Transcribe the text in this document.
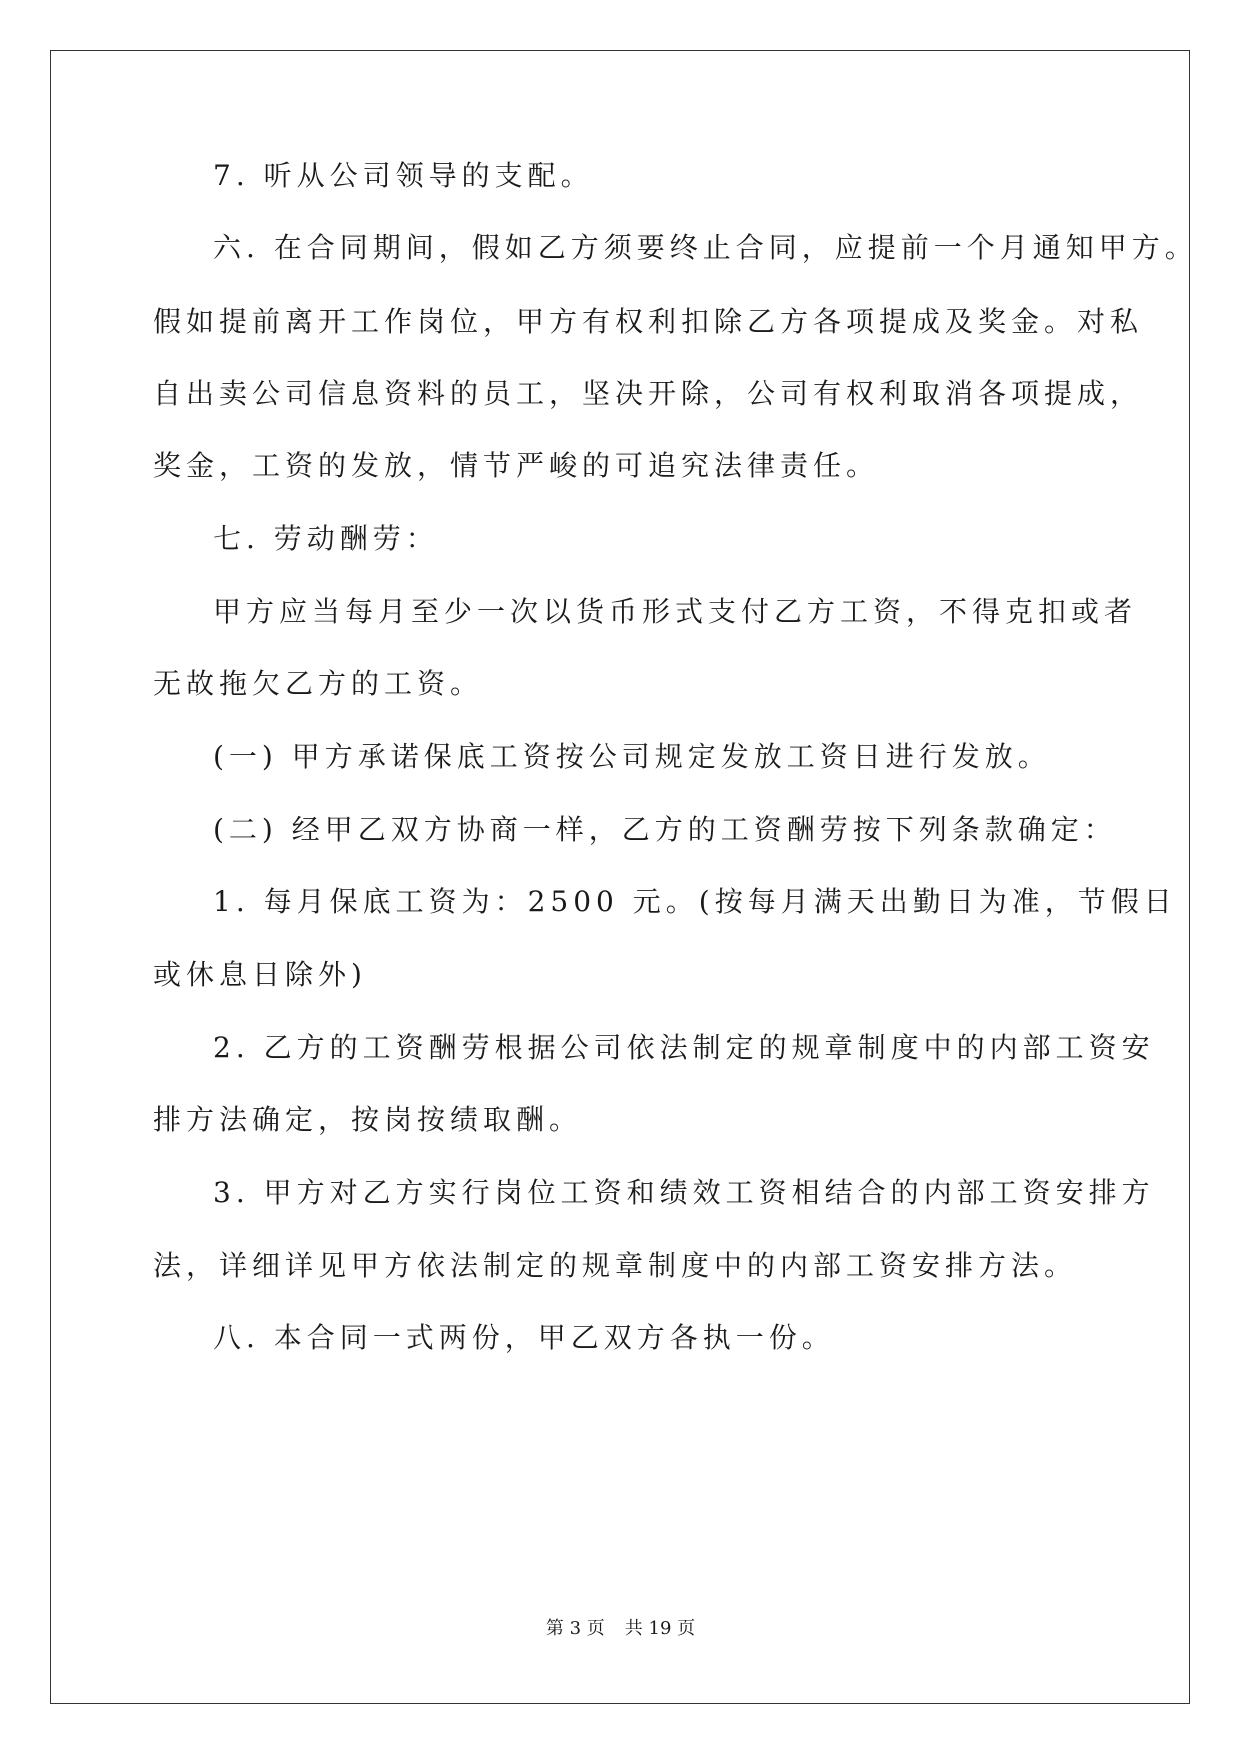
7. 听从公司领导的支配。
六. 在合同期间，假如乙方须要终止合同，应提前一个月通知甲方。
假如提前离开工作岗位，甲方有权利扣除乙方各项提成及奖金。对私
自出卖公司信息资料的员工，坚决开除，公司有权利取消各项提成，
奖金，工资的发放，情节严峻的可追究法律责任。
七. 劳动酬劳：
甲方应当每月至少一次以货币形式支付乙方工资，不得克扣或者
无故拖欠乙方的工资。
(一) 甲方承诺保底工资按公司规定发放工资日进行发放。
(二) 经甲乙双方协商一样，乙方的工资酬劳按下列条款确定：
1. 每月保底工资为：2500 元。(按每月满天出勤日为准，节假日
或休息日除外)
2. 乙方的工资酬劳根据公司依法制定的规章制度中的内部工资安
排方法确定，按岗按绩取酬。
3. 甲方对乙方实行岗位工资和绩效工资相结合的内部工资安排方
法，详细详见甲方依法制定的规章制度中的内部工资安排方法。
八. 本合同一式两份，甲乙双方各执一份。
第 3 页 共 19 页
